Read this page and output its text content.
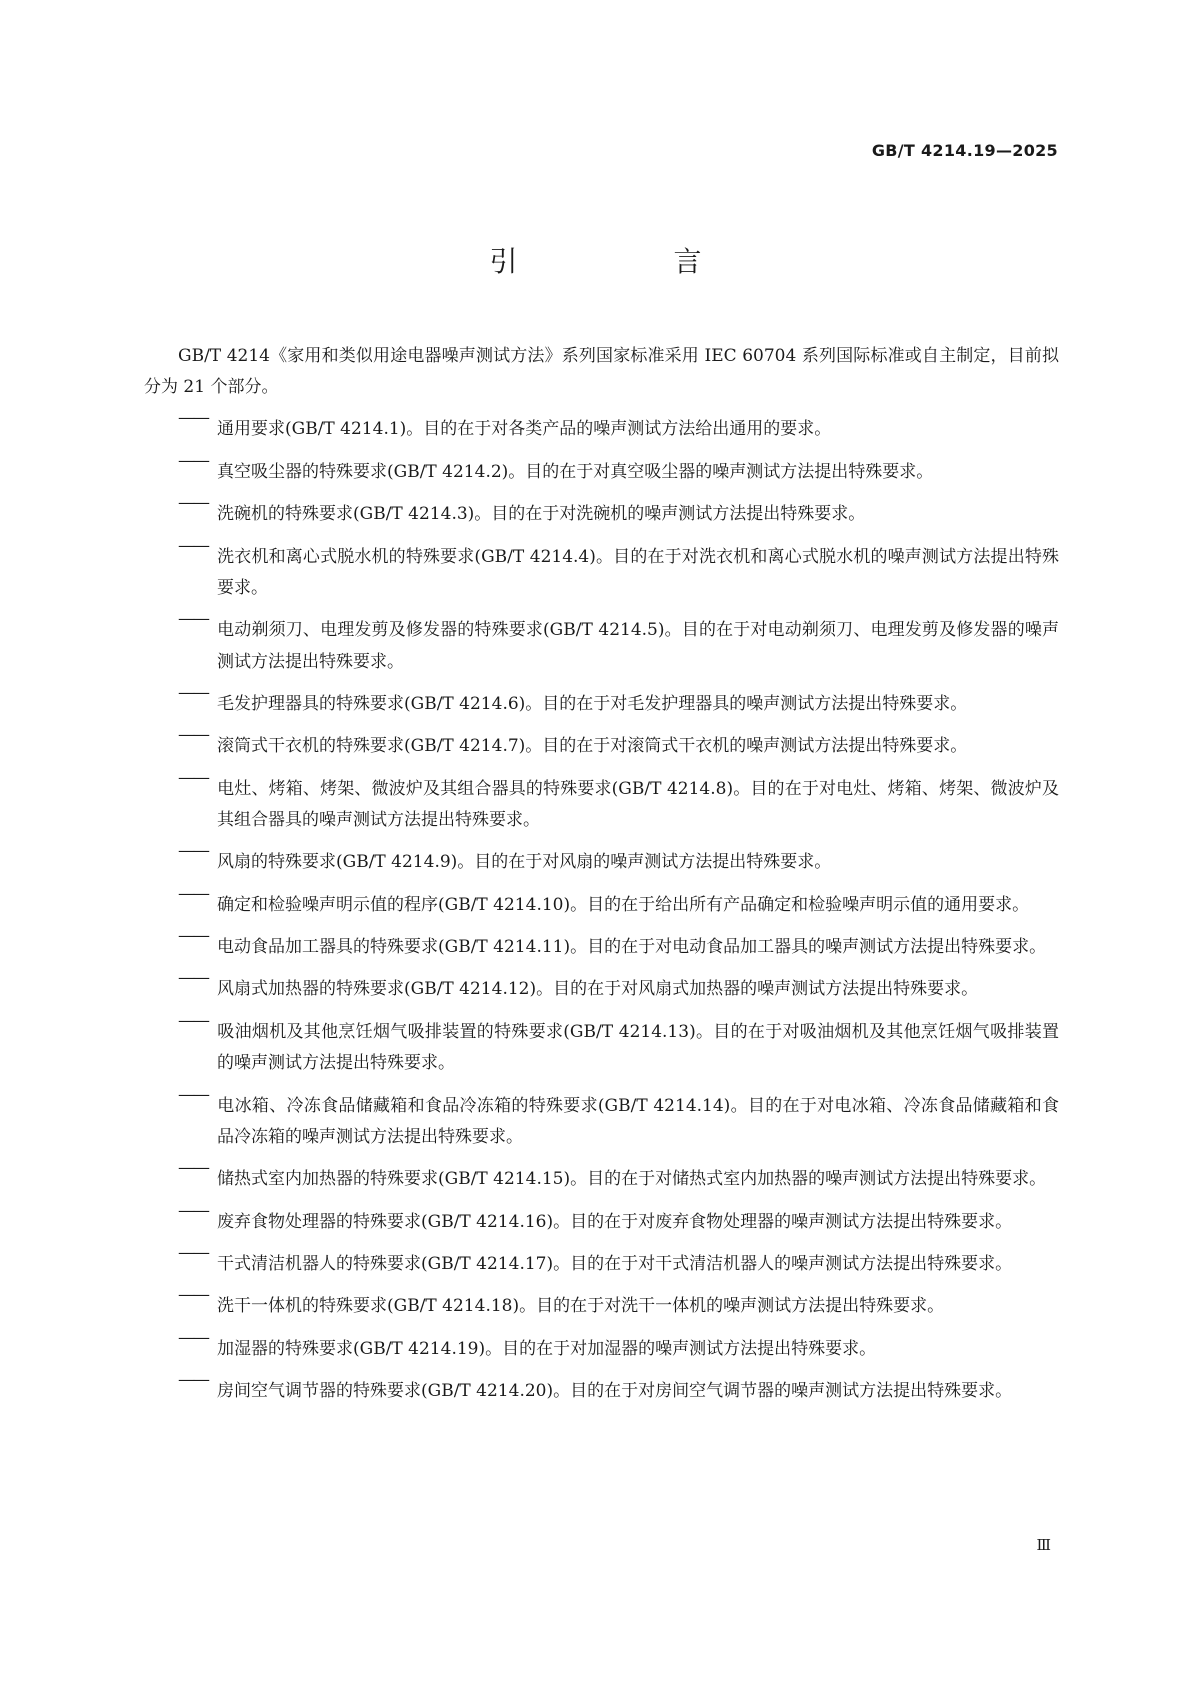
GB/T 4214.19—2025
引　言

GB/T 4214《家用和类似用途电器噪声测试方法》系列国家标准采用 IEC 60704 系列国际标准或自主制定，目前拟分为 21 个部分。

——通用要求(GB/T 4214.1)。目的在于对各类产品的噪声测试方法给出通用的要求。
——真空吸尘器的特殊要求(GB/T 4214.2)。目的在于对真空吸尘器的噪声测试方法提出特殊要求。
——洗碗机的特殊要求(GB/T 4214.3)。目的在于对洗碗机的噪声测试方法提出特殊要求。
——洗衣机和离心式脱水机的特殊要求(GB/T 4214.4)。目的在于对洗衣机和离心式脱水机的噪声测试方法提出特殊要求。
——电动剃须刀、电理发剪及修发器的特殊要求(GB/T 4214.5)。目的在于对电动剃须刀、电理发剪及修发器的噪声测试方法提出特殊要求。
——毛发护理器具的特殊要求(GB/T 4214.6)。目的在于对毛发护理器具的噪声测试方法提出特殊要求。
——滚筒式干衣机的特殊要求(GB/T 4214.7)。目的在于对滚筒式干衣机的噪声测试方法提出特殊要求。
——电灶、烤箱、烤架、微波炉及其组合器具的特殊要求(GB/T 4214.8)。目的在于对电灶、烤箱、烤架、微波炉及其组合器具的噪声测试方法提出特殊要求。
——风扇的特殊要求(GB/T 4214.9)。目的在于对风扇的噪声测试方法提出特殊要求。
——确定和检验噪声明示值的程序(GB/T 4214.10)。目的在于给出所有产品确定和检验噪声明示值的通用要求。
——电动食品加工器具的特殊要求(GB/T 4214.11)。目的在于对电动食品加工器具的噪声测试方法提出特殊要求。
——风扇式加热器的特殊要求(GB/T 4214.12)。目的在于对风扇式加热器的噪声测试方法提出特殊要求。
——吸油烟机及其他烹饪烟气吸排装置的特殊要求(GB/T 4214.13)。目的在于对吸油烟机及其他烹饪烟气吸排装置的噪声测试方法提出特殊要求。
——电冰箱、冷冻食品储藏箱和食品冷冻箱的特殊要求(GB/T 4214.14)。目的在于对电冰箱、冷冻食品储藏箱和食品冷冻箱的噪声测试方法提出特殊要求。
——储热式室内加热器的特殊要求(GB/T 4214.15)。目的在于对储热式室内加热器的噪声测试方法提出特殊要求。
——废弃食物处理器的特殊要求(GB/T 4214.16)。目的在于对废弃食物处理器的噪声测试方法提出特殊要求。
——干式清洁机器人的特殊要求(GB/T 4214.17)。目的在于对干式清洁机器人的噪声测试方法提出特殊要求。
——洗干一体机的特殊要求(GB/T 4214.18)。目的在于对洗干一体机的噪声测试方法提出特殊要求。
——加湿器的特殊要求(GB/T 4214.19)。目的在于对加湿器的噪声测试方法提出特殊要求。
——房间空气调节器的特殊要求(GB/T 4214.20)。目的在于对房间空气调节器的噪声测试方法提出特殊要求。
Ⅲ
